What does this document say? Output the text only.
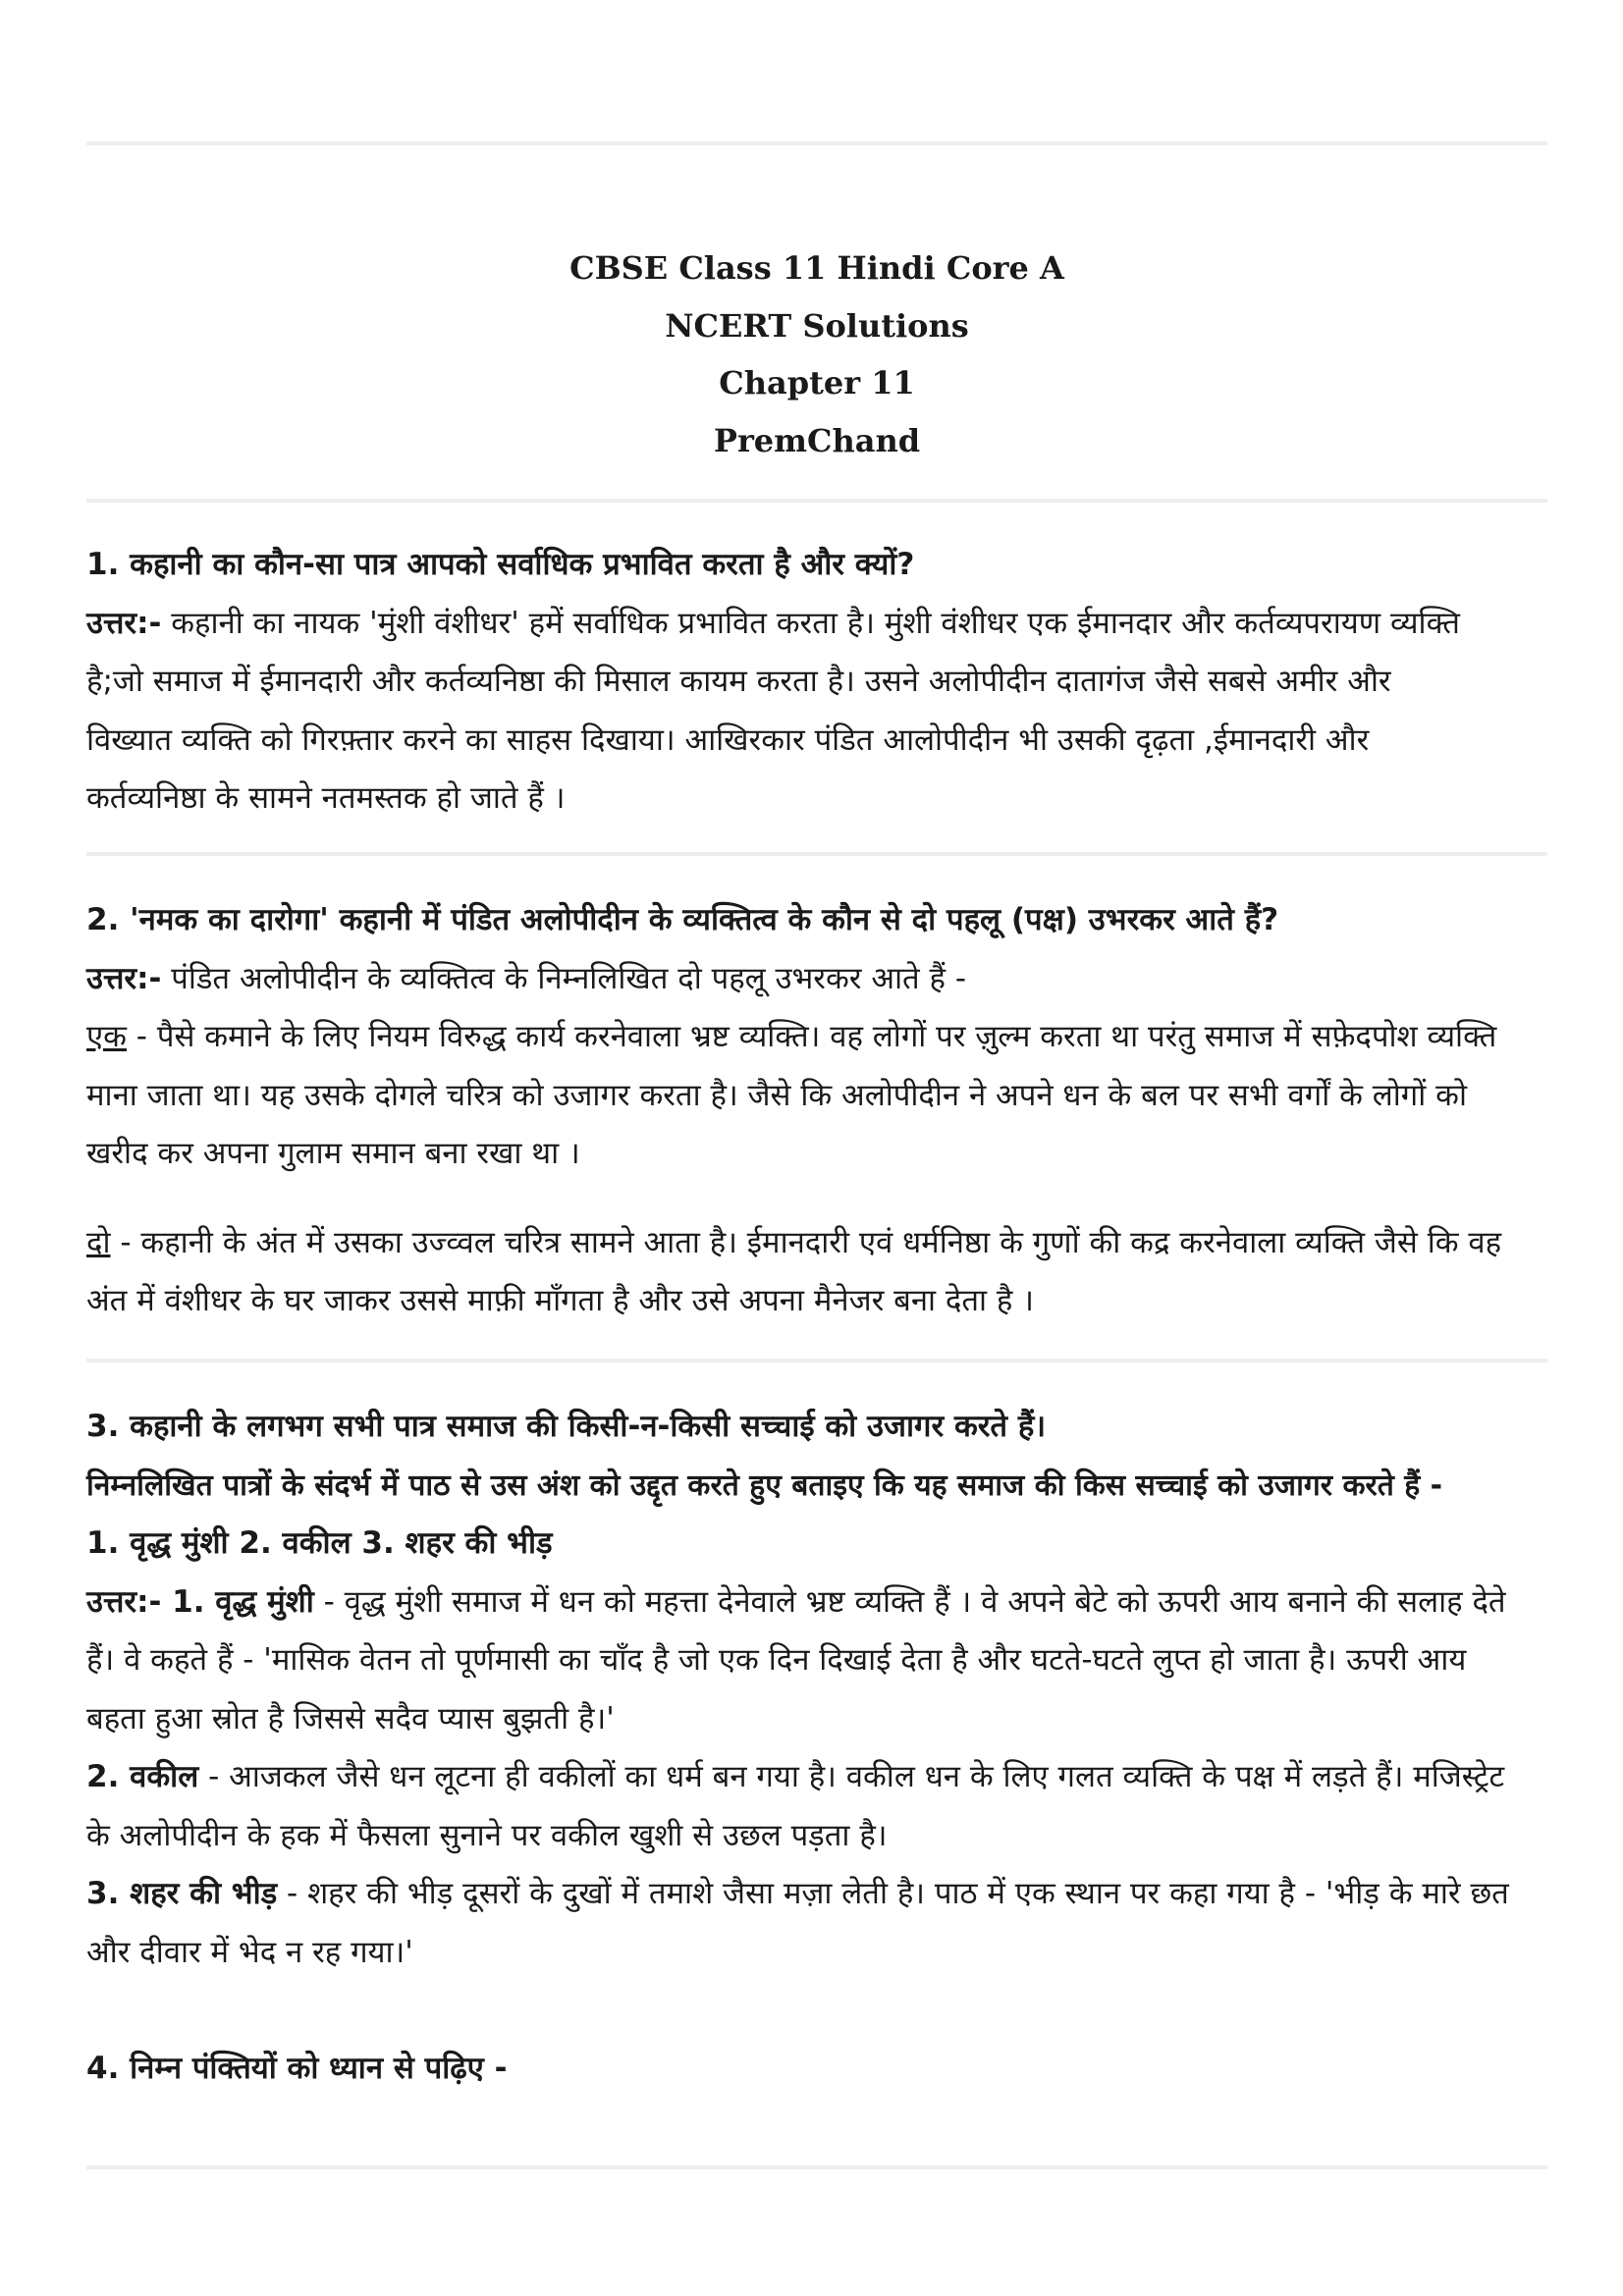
CBSE Class 11 Hindi Core A
NCERT Solutions
Chapter 11
PremChand
1. कहानी का कौन-सा पात्र आपको सर्वाधिक प्रभावित करता है और क्यों?
उत्तर:- कहानी का नायक 'मुंशी वंशीधर' हमें सर्वाधिक प्रभावित करता है। मुंशी वंशीधर एक ईमानदार और कर्तव्यपरायण व्यक्ति
है;जो समाज में ईमानदारी और कर्तव्यनिष्ठा की मिसाल कायम करता है। उसने अलोपीदीन दातागंज जैसे सबसे अमीर और
विख्यात व्यक्ति को गिरफ़्तार करने का साहस दिखाया। आखिरकार पंडित आलोपीदीन भी उसकी दृढ़ता ,ईमानदारी और
कर्तव्यनिष्ठा के सामने नतमस्तक हो जाते हैं ।
2. 'नमक का दारोगा' कहानी में पंडित अलोपीदीन के व्यक्तित्व के कौन से दो पहलू (पक्ष) उभरकर आते हैं?
उत्तर:- पंडित अलोपीदीन के व्यक्तित्व के निम्नलिखित दो पहलू उभरकर आते हैं -
एक - पैसे कमाने के लिए नियम विरुद्ध कार्य करनेवाला भ्रष्ट व्यक्ति। वह लोगों पर ज़ुल्म करता था परंतु समाज में सफ़ेदपोश व्यक्ति
माना जाता था। यह उसके दोगले चरित्र को उजागर करता है। जैसे कि अलोपीदीन ने अपने धन के बल पर सभी वर्गों के लोगों को
खरीद कर अपना गुलाम समान बना रखा था ।
दो - कहानी के अंत में उसका उज्व्वल चरित्र सामने आता है। ईमानदारी एवं धर्मनिष्ठा के गुणों की कद्र करनेवाला व्यक्ति जैसे कि वह
अंत में वंशीधर के घर जाकर उससे माफ़ी माँगता है और उसे अपना मैनेजर बना देता है ।
3. कहानी के लगभग सभी पात्र समाज की किसी-न-किसी सच्चाई को उजागर करते हैं।
निम्नलिखित पात्रों के संदर्भ में पाठ से उस अंश को उद्दृत करते हुए बताइए कि यह समाज की किस सच्चाई को उजागर करते हैं -
1. वृद्ध मुंशी 2. वकील 3. शहर की भीड़
उत्तर:- 1. वृद्ध मुंशी - वृद्ध मुंशी समाज में धन को महत्ता देनेवाले भ्रष्ट व्यक्ति हैं । वे अपने बेटे को ऊपरी आय बनाने की सलाह देते
हैं। वे कहते हैं - 'मासिक वेतन तो पूर्णमासी का चाँद है जो एक दिन दिखाई देता है और घटते-घटते लुप्त हो जाता है। ऊपरी आय
बहता हुआ स्रोत है जिससे सदैव प्यास बुझती है।'
2. वकील - आजकल जैसे धन लूटना ही वकीलों का धर्म बन गया है। वकील धन के लिए गलत व्यक्ति के पक्ष में लड़ते हैं। मजिस्ट्रेट
के अलोपीदीन के हक में फैसला सुनाने पर वकील खुशी से उछल पड़ता है।
3. शहर की भीड़ - शहर की भीड़ दूसरों के दुखों में तमाशे जैसा मज़ा लेती है। पाठ में एक स्थान पर कहा गया है - 'भीड़ के मारे छत
और दीवार में भेद न रह गया।'
4. निम्न पंक्तियों को ध्यान से पढ़िए -
